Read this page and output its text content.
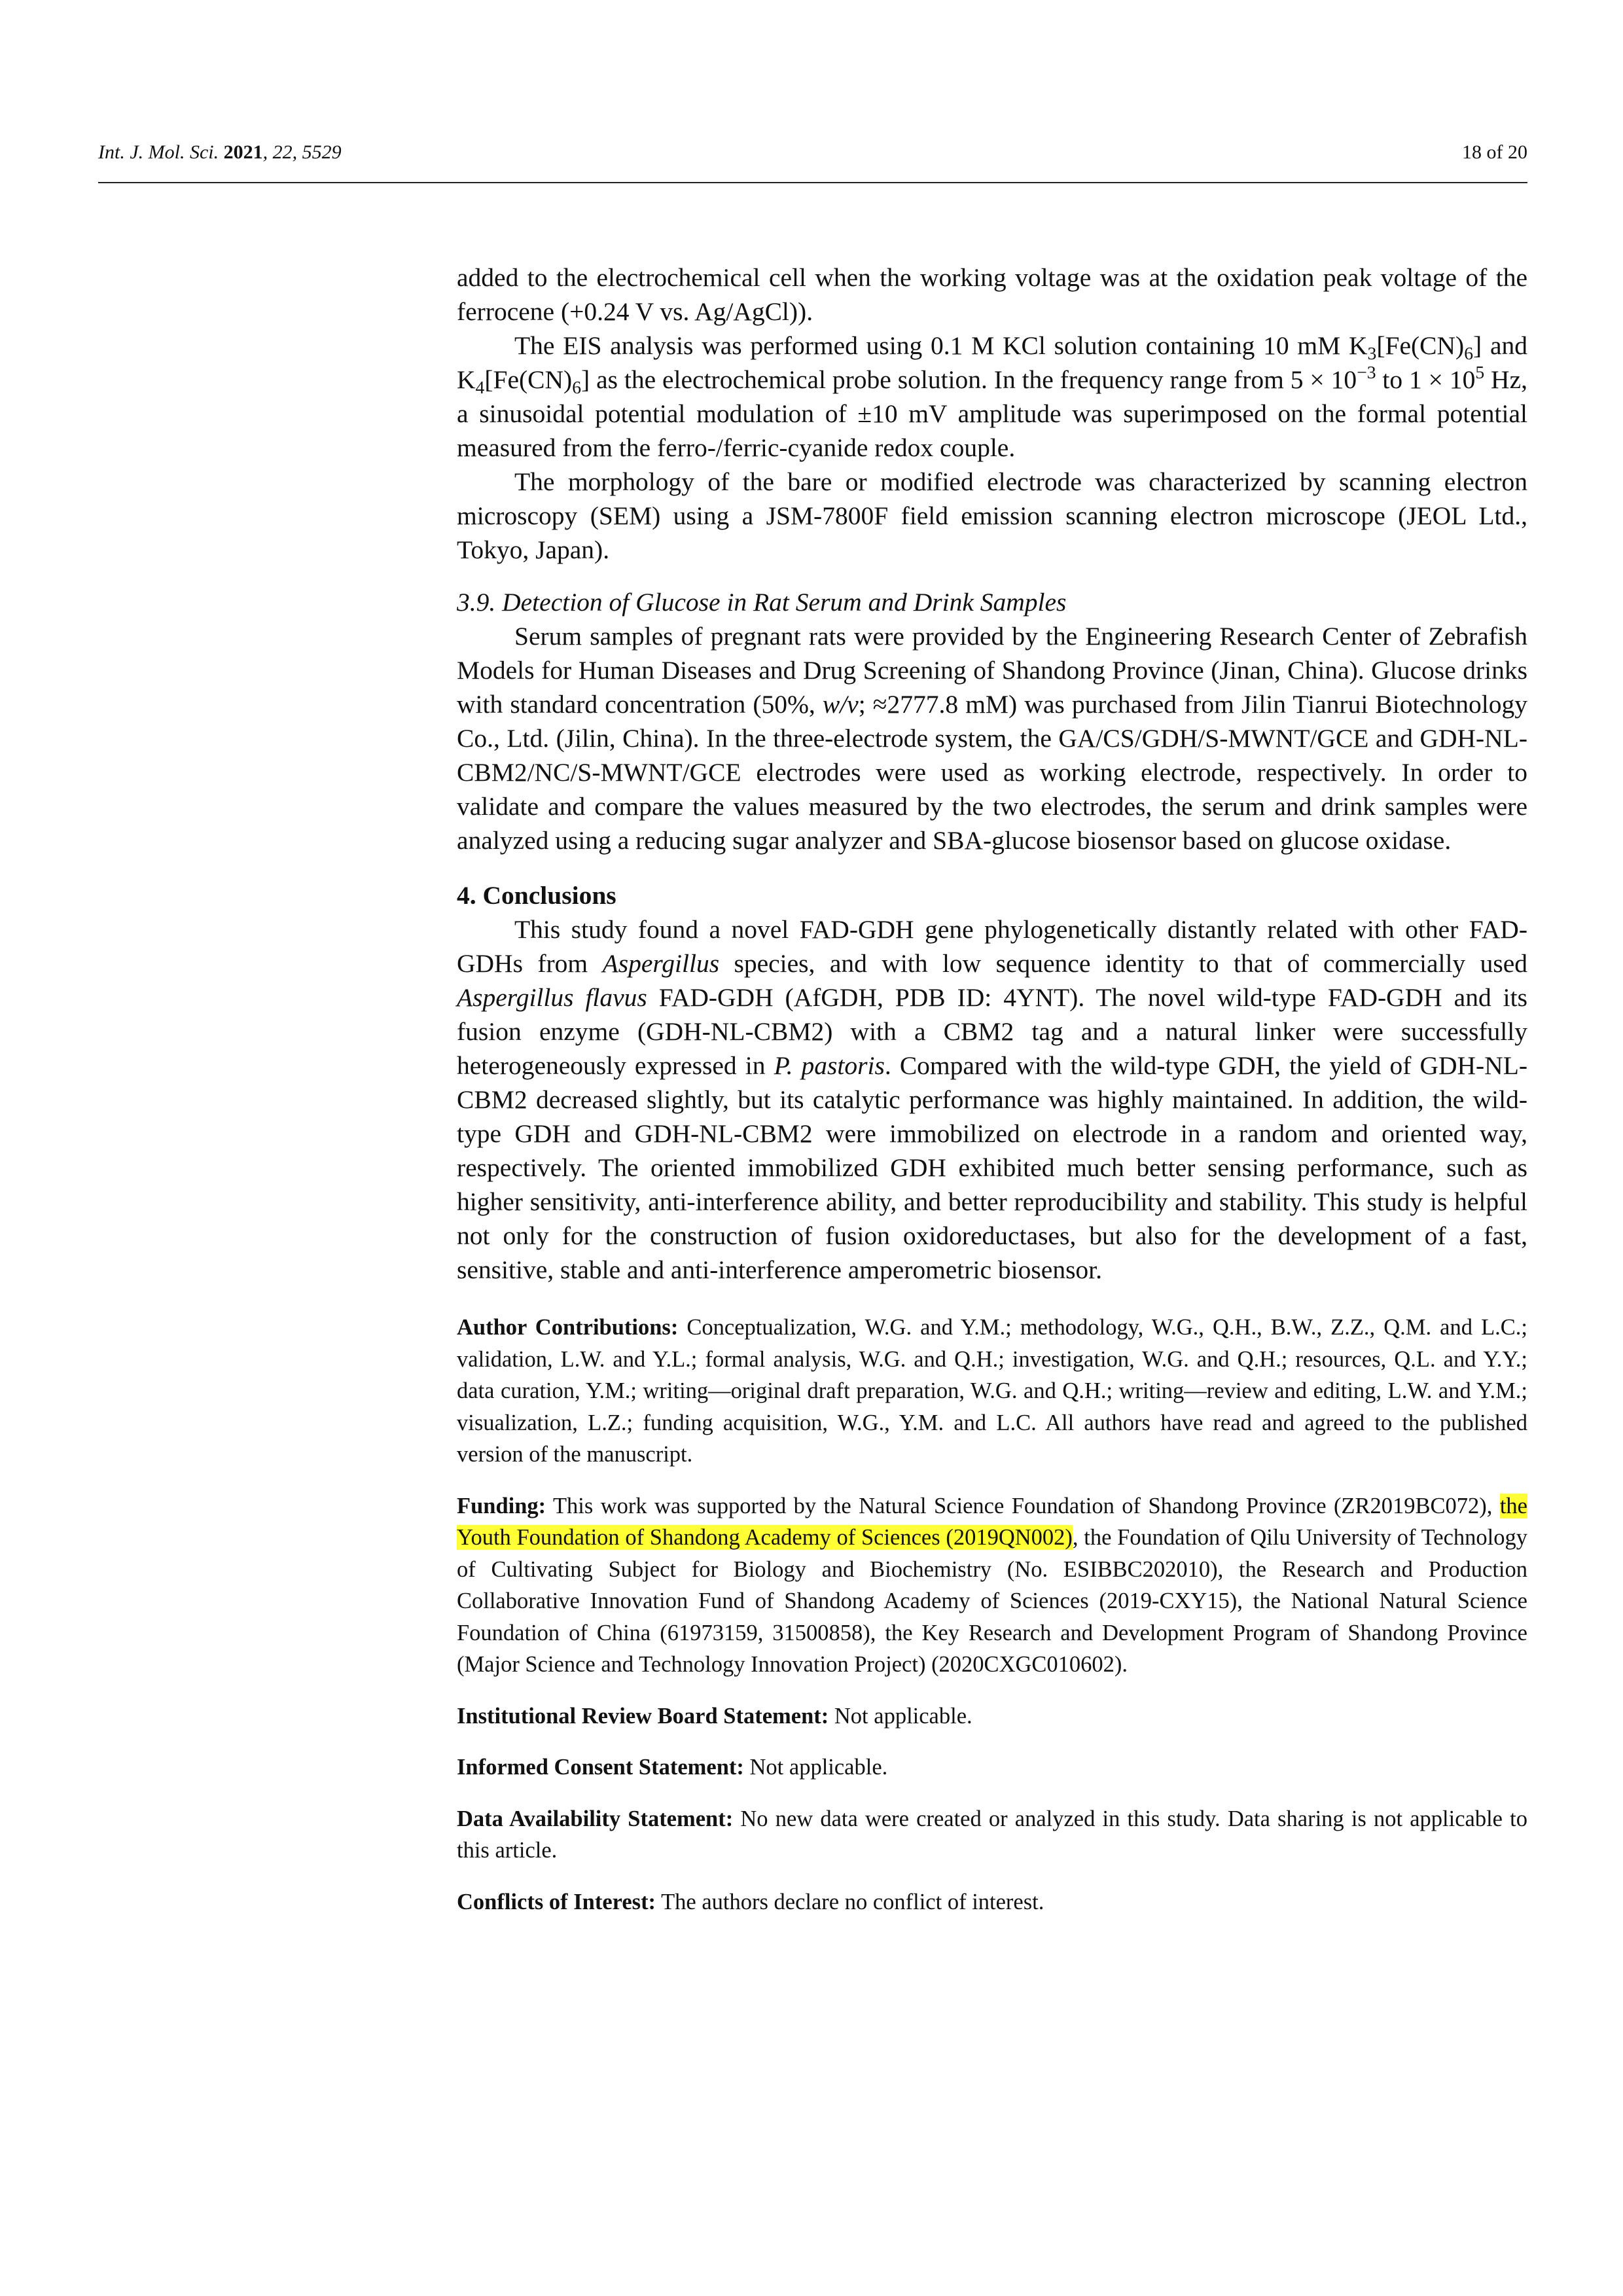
Int. J. Mol. Sci. 2021, 22, 5529	18 of 20

added to the electrochemical cell when the working voltage was at the oxidation peak voltage of the ferrocene (+0.24 V vs. Ag/AgCl)).

The EIS analysis was performed using 0.1 M KCl solution containing 10 mM $K_3[Fe(CN)_6]$ and $K_4[Fe(CN)_6]$ as the electrochemical probe solution. In the frequency range from $5 \times 10^{-3}$ to $1 \times 10^5$ Hz, a sinusoidal potential modulation of ±10 mV amplitude was superimposed on the formal potential measured from the ferro-/ferric-cyanide redox couple.

The morphology of the bare or modified electrode was characterized by scanning electron microscopy (SEM) using a JSM-7800F field emission scanning electron microscope (JEOL Ltd., Tokyo, Japan).

3.9. Detection of Glucose in Rat Serum and Drink Samples

Serum samples of pregnant rats were provided by the Engineering Research Center of Zebrafish Models for Human Diseases and Drug Screening of Shandong Province (Jinan, China). Glucose drinks with standard concentration (50%, w/v; ≈2777.8 mM) was purchased from Jilin Tianrui Biotechnology Co., Ltd. (Jilin, China). In the three-electrode system, the GA/CS/GDH/S-MWNT/GCE and GDH-NL-CBM2/NC/S-MWNT/GCE electrodes were used as working electrode, respectively. In order to validate and compare the values measured by the two electrodes, the serum and drink samples were analyzed using a reducing sugar analyzer and SBA-glucose biosensor based on glucose oxidase.

4. Conclusions

This study found a novel FAD-GDH gene phylogenetically distantly related with other FAD-GDHs from Aspergillus species, and with low sequence identity to that of commercially used Aspergillus flavus FAD-GDH (AfGDH, PDB ID: 4YNT). The novel wild-type FAD-GDH and its fusion enzyme (GDH-NL-CBM2) with a CBM2 tag and a natural linker were successfully heterogeneously expressed in P. pastoris. Compared with the wild-type GDH, the yield of GDH-NL-CBM2 decreased slightly, but its catalytic performance was highly maintained. In addition, the wild-type GDH and GDH-NL-CBM2 were immobilized on electrode in a random and oriented way, respectively. The oriented immobilized GDH exhibited much better sensing performance, such as higher sensitivity, anti-interference ability, and better reproducibility and stability. This study is helpful not only for the construction of fusion oxidoreductases, but also for the development of a fast, sensitive, stable and anti-interference amperometric biosensor.

Author Contributions: Conceptualization, W.G. and Y.M.; methodology, W.G., Q.H., B.W., Z.Z., Q.M. and L.C.; validation, L.W. and Y.L.; formal analysis, W.G. and Q.H.; investigation, W.G. and Q.H.; resources, Q.L. and Y.Y.; data curation, Y.M.; writing—original draft preparation, W.G. and Q.H.; writing—review and editing, L.W. and Y.M.; visualization, L.Z.; funding acquisition, W.G., Y.M. and L.C. All authors have read and agreed to the published version of the manuscript.

Funding: This work was supported by the Natural Science Foundation of Shandong Province (ZR2019BC072), the Youth Foundation of Shandong Academy of Sciences (2019QN002), the Foundation of Qilu University of Technology of Cultivating Subject for Biology and Biochemistry (No. ESIBBC202010), the Research and Production Collaborative Innovation Fund of Shandong Academy of Sciences (2019-CXY15), the National Natural Science Foundation of China (61973159, 31500858), the Key Research and Development Program of Shandong Province (Major Science and Technology Innovation Project) (2020CXGC010602).

Institutional Review Board Statement: Not applicable.

Informed Consent Statement: Not applicable.

Data Availability Statement: No new data were created or analyzed in this study. Data sharing is not applicable to this article.

Conflicts of Interest: The authors declare no conflict of interest.
